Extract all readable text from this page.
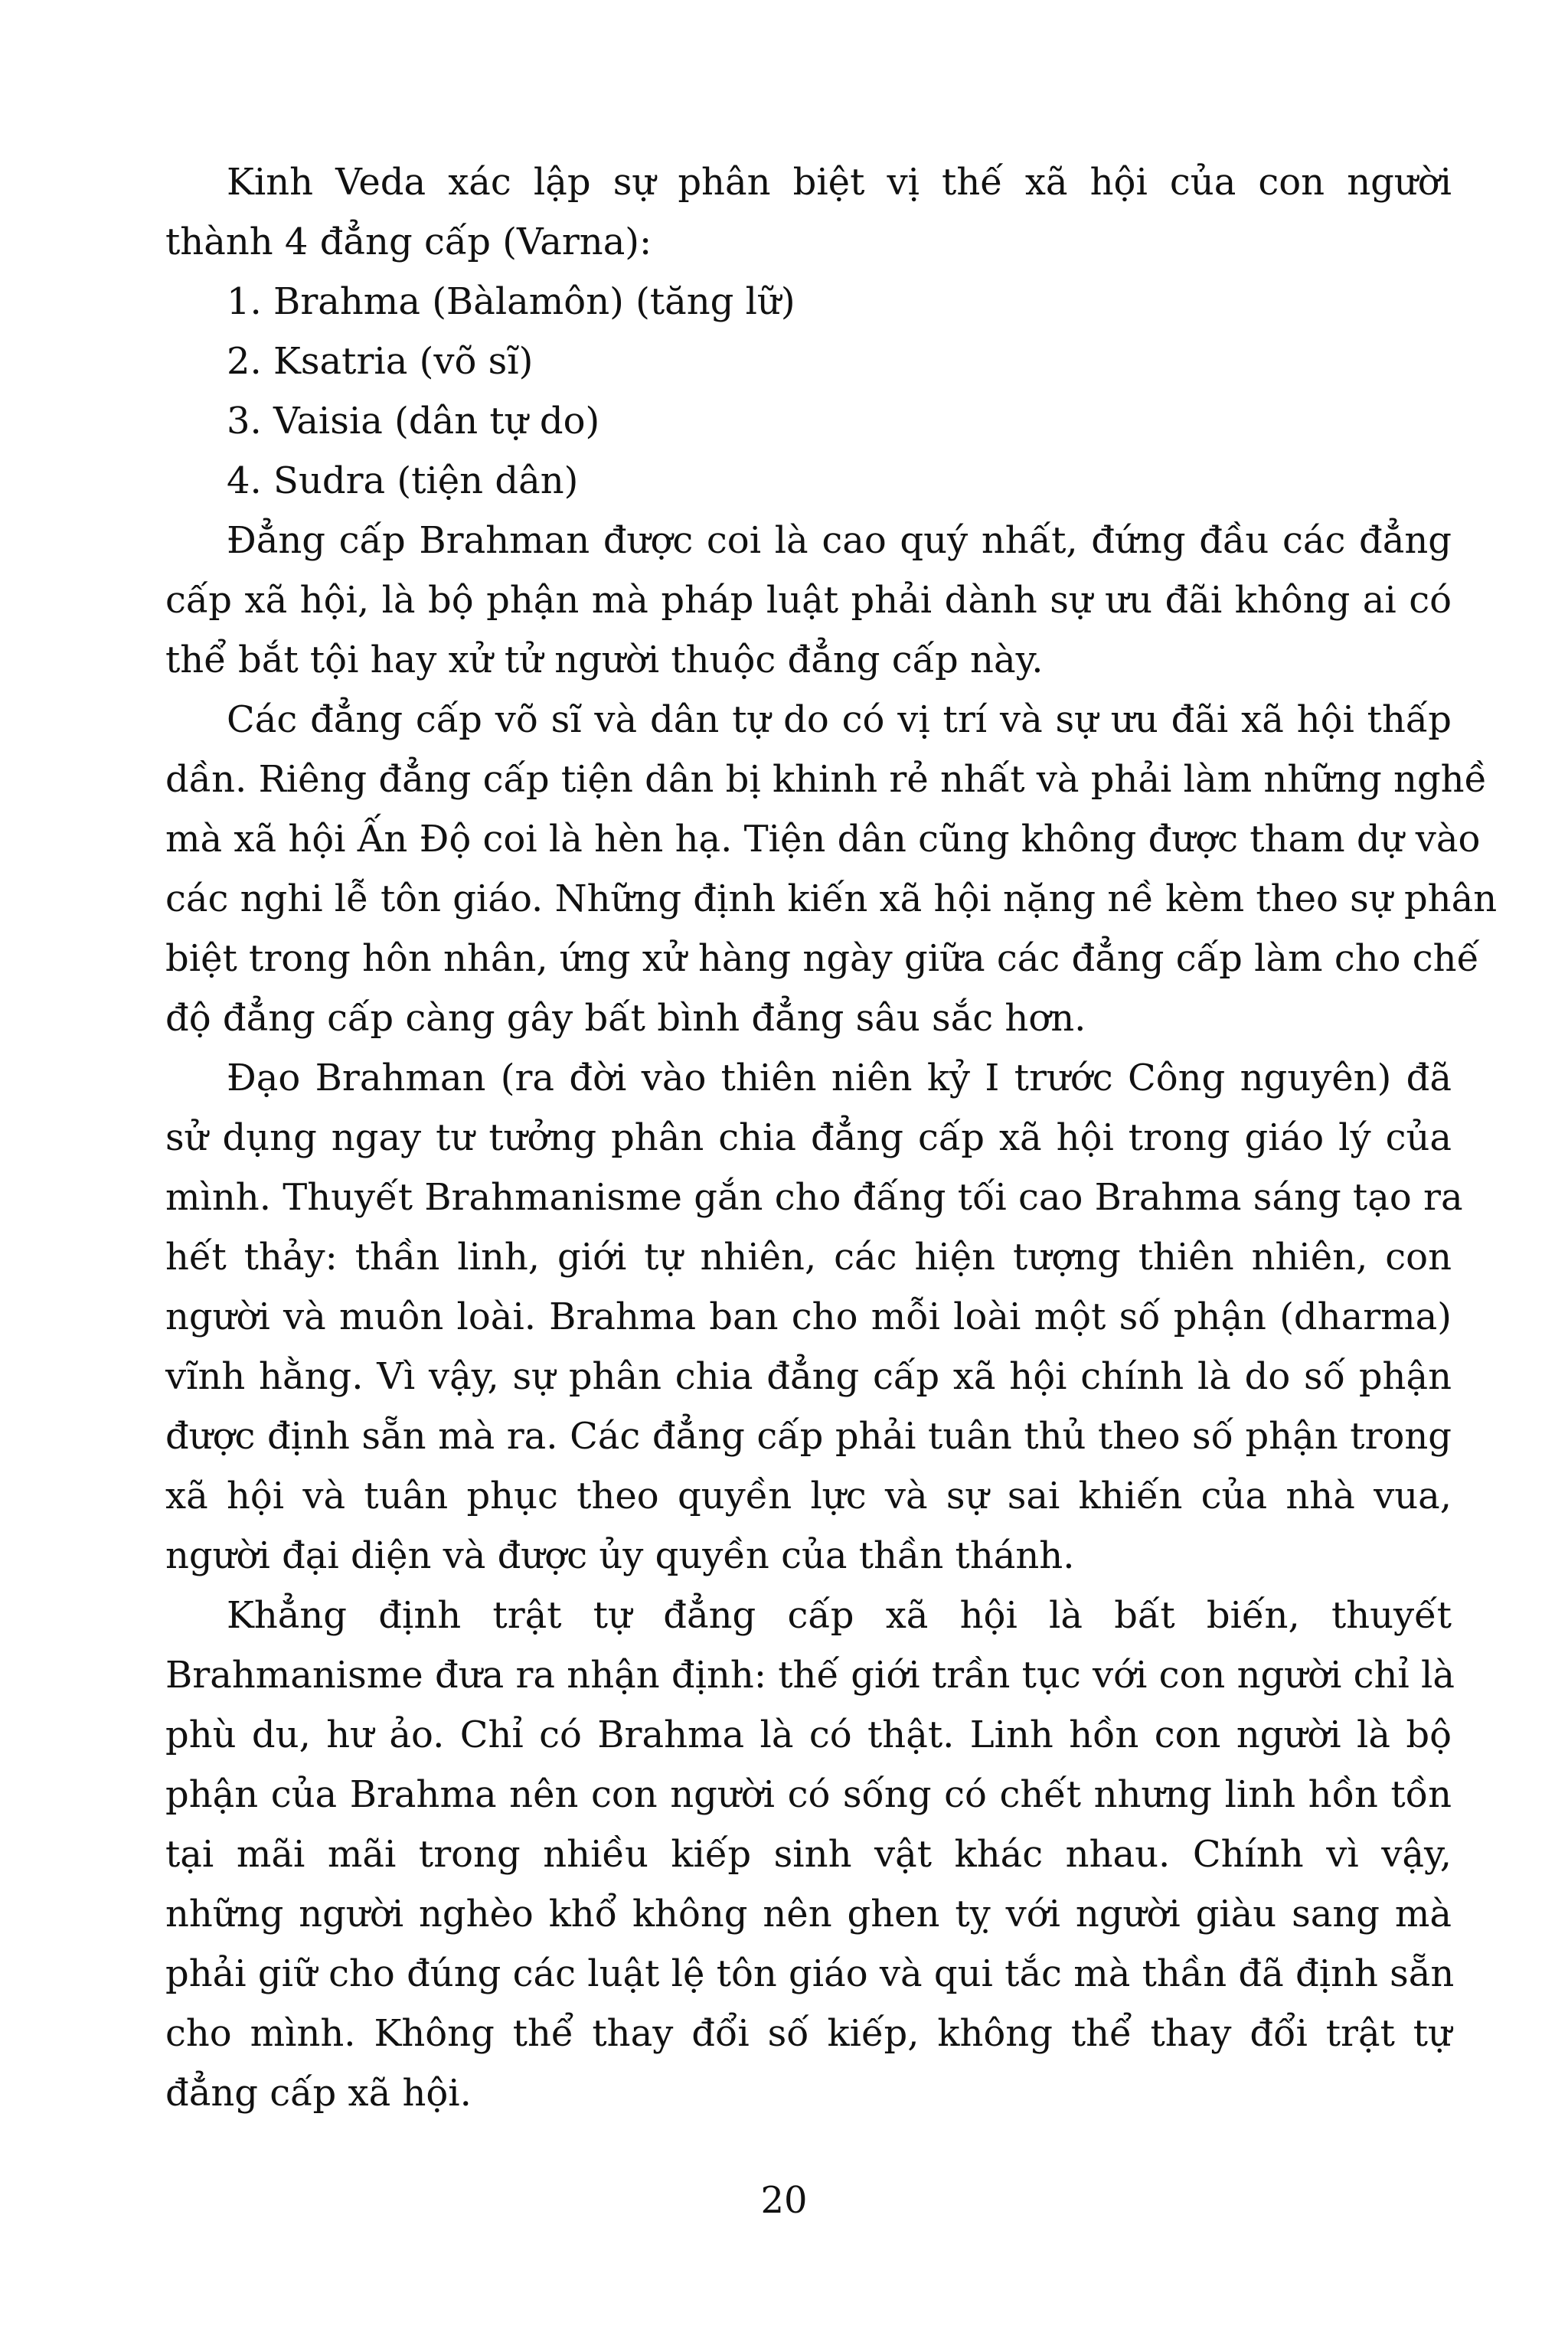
Kinh Veda xác lập sự phân biệt vị thế xã hội của con người

thành 4 đẳng cấp (Varna):

1. Brahma (Bàlamôn) (tăng lữ)

2. Ksatria (võ sĩ)

3. Vaisia (dân tự do)

4. Sudra (tiện dân)

Đẳng cấp Brahman được coi là cao quý nhất, đứng đầu các đẳng

cấp xã hội, là bộ phận mà pháp luật phải dành sự ưu đãi không ai có

thể bắt tội hay xử tử người thuộc đẳng cấp này.

Các đẳng cấp võ sĩ và dân tự do có vị trí và sự ưu đãi xã hội thấp

dần. Riêng đẳng cấp tiện dân bị khinh rẻ nhất và phải làm những nghề

mà xã hội Ấn Độ coi là hèn hạ. Tiện dân cũng không được tham dự vào

các nghi lễ tôn giáo. Những định kiến xã hội nặng nề kèm theo sự phân

biệt trong hôn nhân, ứng xử hàng ngày giữa các đẳng cấp làm cho chế

độ đẳng cấp càng gây bất bình đẳng sâu sắc hơn.

Đạo Brahman (ra đời vào thiên niên kỷ I trước Công nguyên) đã

sử dụng ngay tư tưởng phân chia đẳng cấp xã hội trong giáo lý của

mình. Thuyết Brahmanisme gắn cho đấng tối cao Brahma sáng tạo ra

hết thảy: thần linh, giới tự nhiên, các hiện tượng thiên nhiên, con

người và muôn loài. Brahma ban cho mỗi loài một số phận (dharma)

vĩnh hằng. Vì vậy, sự phân chia đẳng cấp xã hội chính là do số phận

được định sẵn mà ra. Các đẳng cấp phải tuân thủ theo số phận trong

xã hội và tuân phục theo quyền lực và sự sai khiến của nhà vua,

người đại diện và được ủy quyền của thần thánh.

Khẳng định trật tự đẳng cấp xã hội là bất biến, thuyết

Brahmanisme đưa ra nhận định: thế giới trần tục với con người chỉ là

phù du, hư ảo. Chỉ có Brahma là có thật. Linh hồn con người là bộ

phận của Brahma nên con người có sống có chết nhưng linh hồn tồn

tại mãi mãi trong nhiều kiếp sinh vật khác nhau. Chính vì vậy,

những người nghèo khổ không nên ghen tỵ với người giàu sang mà

phải giữ cho đúng các luật lệ tôn giáo và qui tắc mà thần đã định sẵn

cho mình. Không thể thay đổi số kiếp, không thể thay đổi trật tự

đẳng cấp xã hội.

20
